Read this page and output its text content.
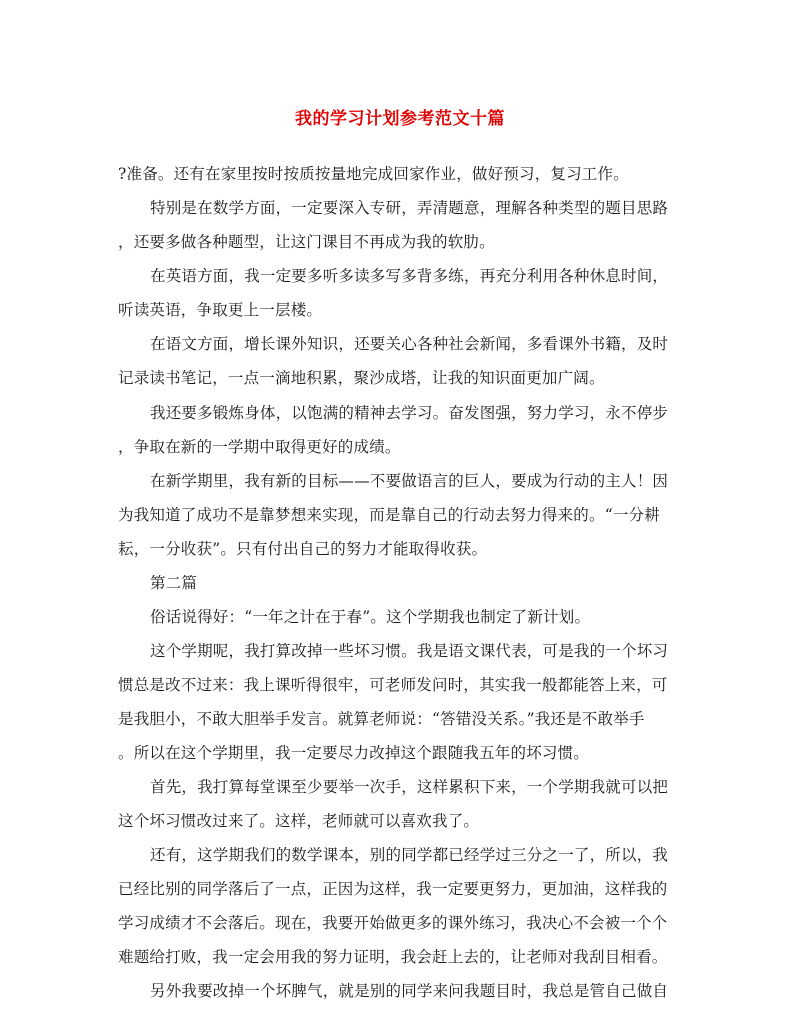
我的学习计划参考范文十篇
?准备。还有在家里按时按质按量地完成回家作业，做好预习，复习工作。
特别是在数学方面，一定要深入专研，弄清题意，理解各种类型的题目思路
，还要多做各种题型，让这门课目不再成为我的软肋。
在英语方面，我一定要多听多读多写多背多练，再充分利用各种休息时间，
听读英语，争取更上一层楼。
在语文方面，增长课外知识，还要关心各种社会新闻，多看课外书籍，及时
记录读书笔记，一点一滴地积累，聚沙成塔，让我的知识面更加广阔。
我还要多锻炼身体，以饱满的精神去学习。奋发图强，努力学习，永不停步
，争取在新的一学期中取得更好的成绩。
在新学期里，我有新的目标——不要做语言的巨人，要成为行动的主人！因
为我知道了成功不是靠梦想来实现，而是靠自己的行动去努力得来的。“一分耕
耘，一分收获”。只有付出自己的努力才能取得收获。
第二篇
俗话说得好：“一年之计在于春”。这个学期我也制定了新计划。
这个学期呢，我打算改掉一些坏习惯。我是语文课代表，可是我的一个坏习
惯总是改不过来：我上课听得很牢，可老师发问时，其实我一般都能答上来，可
是我胆小，不敢大胆举手发言。就算老师说：“答错没关系。”我还是不敢举手
。所以在这个学期里，我一定要尽力改掉这个跟随我五年的坏习惯。
首先，我打算每堂课至少要举一次手，这样累积下来，一个学期我就可以把
这个坏习惯改过来了。这样，老师就可以喜欢我了。
还有，这学期我们的数学课本，别的同学都已经学过三分之一了，所以，我
已经比别的同学落后了一点，正因为这样，我一定要更努力，更加油，这样我的
学习成绩才不会落后。现在，我要开始做更多的课外练习，我决心不会被一个个
难题给打败，我一定会用我的努力证明，我会赶上去的，让老师对我刮目相看。
另外我要改掉一个坏脾气，就是别的同学来问我题目时，我总是管自己做自
